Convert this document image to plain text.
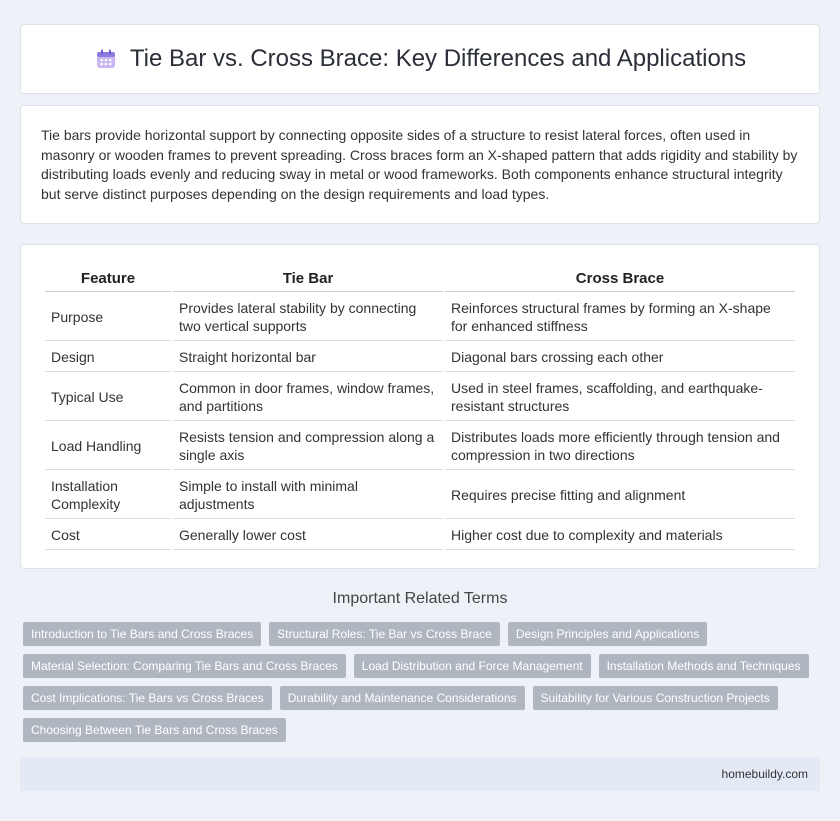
Tie Bar vs. Cross Brace: Key Differences and Applications

Tie bars provide horizontal support by connecting opposite sides of a structure to resist lateral forces, often used in masonry or wooden frames to prevent spreading. Cross braces form an X-shaped pattern that adds rigidity and stability by distributing loads evenly and reducing sway in metal or wood frameworks. Both components enhance structural integrity but serve distinct purposes depending on the design requirements and load types.

Feature	Tie Bar	Cross Brace
Purpose	Provides lateral stability by connecting two vertical supports	Reinforces structural frames by forming an X-shape for enhanced stiffness
Design	Straight horizontal bar	Diagonal bars crossing each other
Typical Use	Common in door frames, window frames, and partitions	Used in steel frames, scaffolding, and earthquake-resistant structures
Load Handling	Resists tension and compression along a single axis	Distributes loads more efficiently through tension and compression in two directions
Installation Complexity	Simple to install with minimal adjustments	Requires precise fitting and alignment
Cost	Generally lower cost	Higher cost due to complexity and materials
Important Related Terms
Introduction to Tie Bars and Cross Braces	Structural Roles: Tie Bar vs Cross Brace	Design Principles and Applications
Material Selection: Comparing Tie Bars and Cross Braces	Load Distribution and Force Management	Installation Methods and Techniques
Cost Implications: Tie Bars vs Cross Braces	Durability and Maintenance Considerations	Suitability for Various Construction Projects
Choosing Between Tie Bars and Cross Braces
homebuildy.com
